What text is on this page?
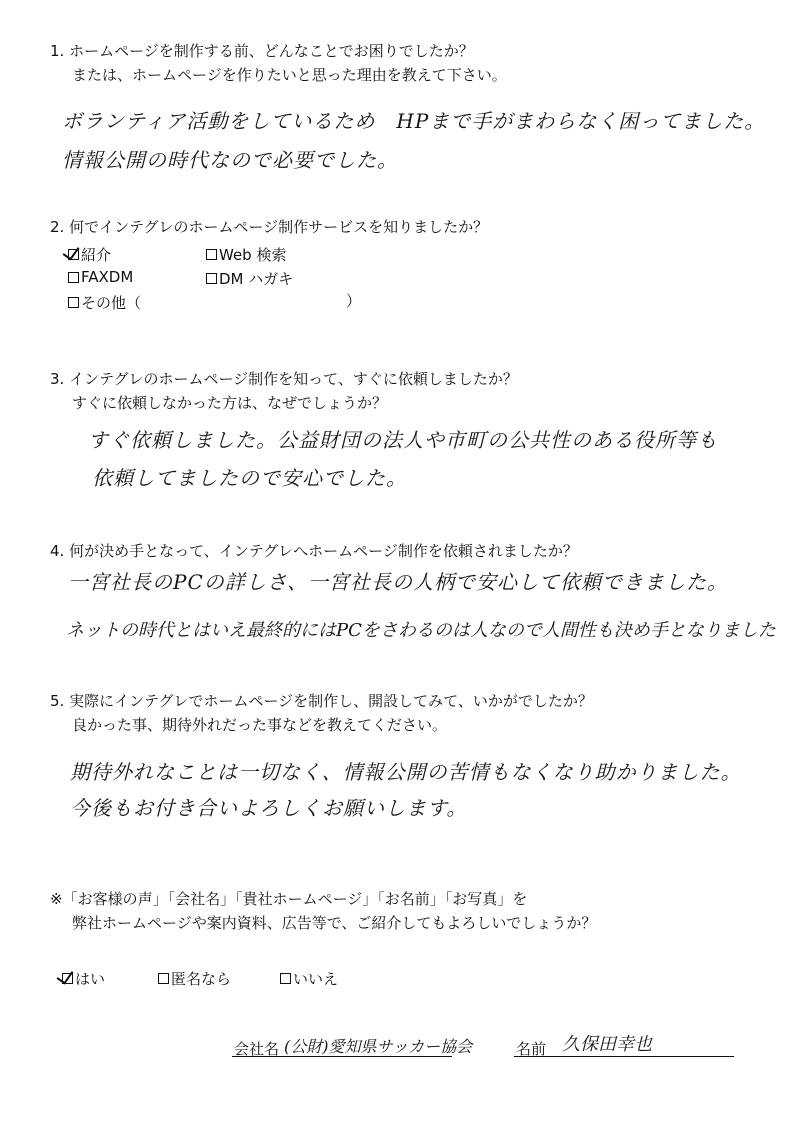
1. ホームページを制作する前、どんなことでお困りでしたか？
または、ホームページを作りたいと思った理由を教えて下さい。
ボランティア活動をしているため　HPまで手がまわらなく困ってました。
情報公開の時代なので必要でした。
2. 何でインテグレのホームページ制作サービスを知りましたか？
紹介	Web 検索
FAXDM	DM ハガキ
その他（	）
3. インテグレのホームページ制作を知って、すぐに依頼しましたか？
すぐに依頼しなかった方は、なぜでしょうか？
すぐ依頼しました。公益財団の法人や市町の公共性のある役所等も
依頼してましたので安心でした。
4. 何が決め手となって、インテグレへホームページ制作を依頼されましたか？
一宮社長のPCの詳しさ、一宮社長の人柄で安心して依頼できました。
ネットの時代とはいえ最終的にはPCをさわるのは人なので人間性も決め手となりました
5. 実際にインテグレでホームページを制作し、開設してみて、いかがでしたか？
良かった事、期待外れだった事などを教えてください。
期待外れなことは一切なく、情報公開の苦情もなくなり助かりました。
今後もお付き合いよろしくお願いします。
※「お客様の声」「会社名」「貴社ホームページ」「お名前」「お写真」を
弊社ホームページや案内資料、広告等で、ご紹介してもよろしいでしょうか？
はい	匿名なら	いいえ
会社名 (公財)愛知県サッカー協会	名前 久保田幸也
